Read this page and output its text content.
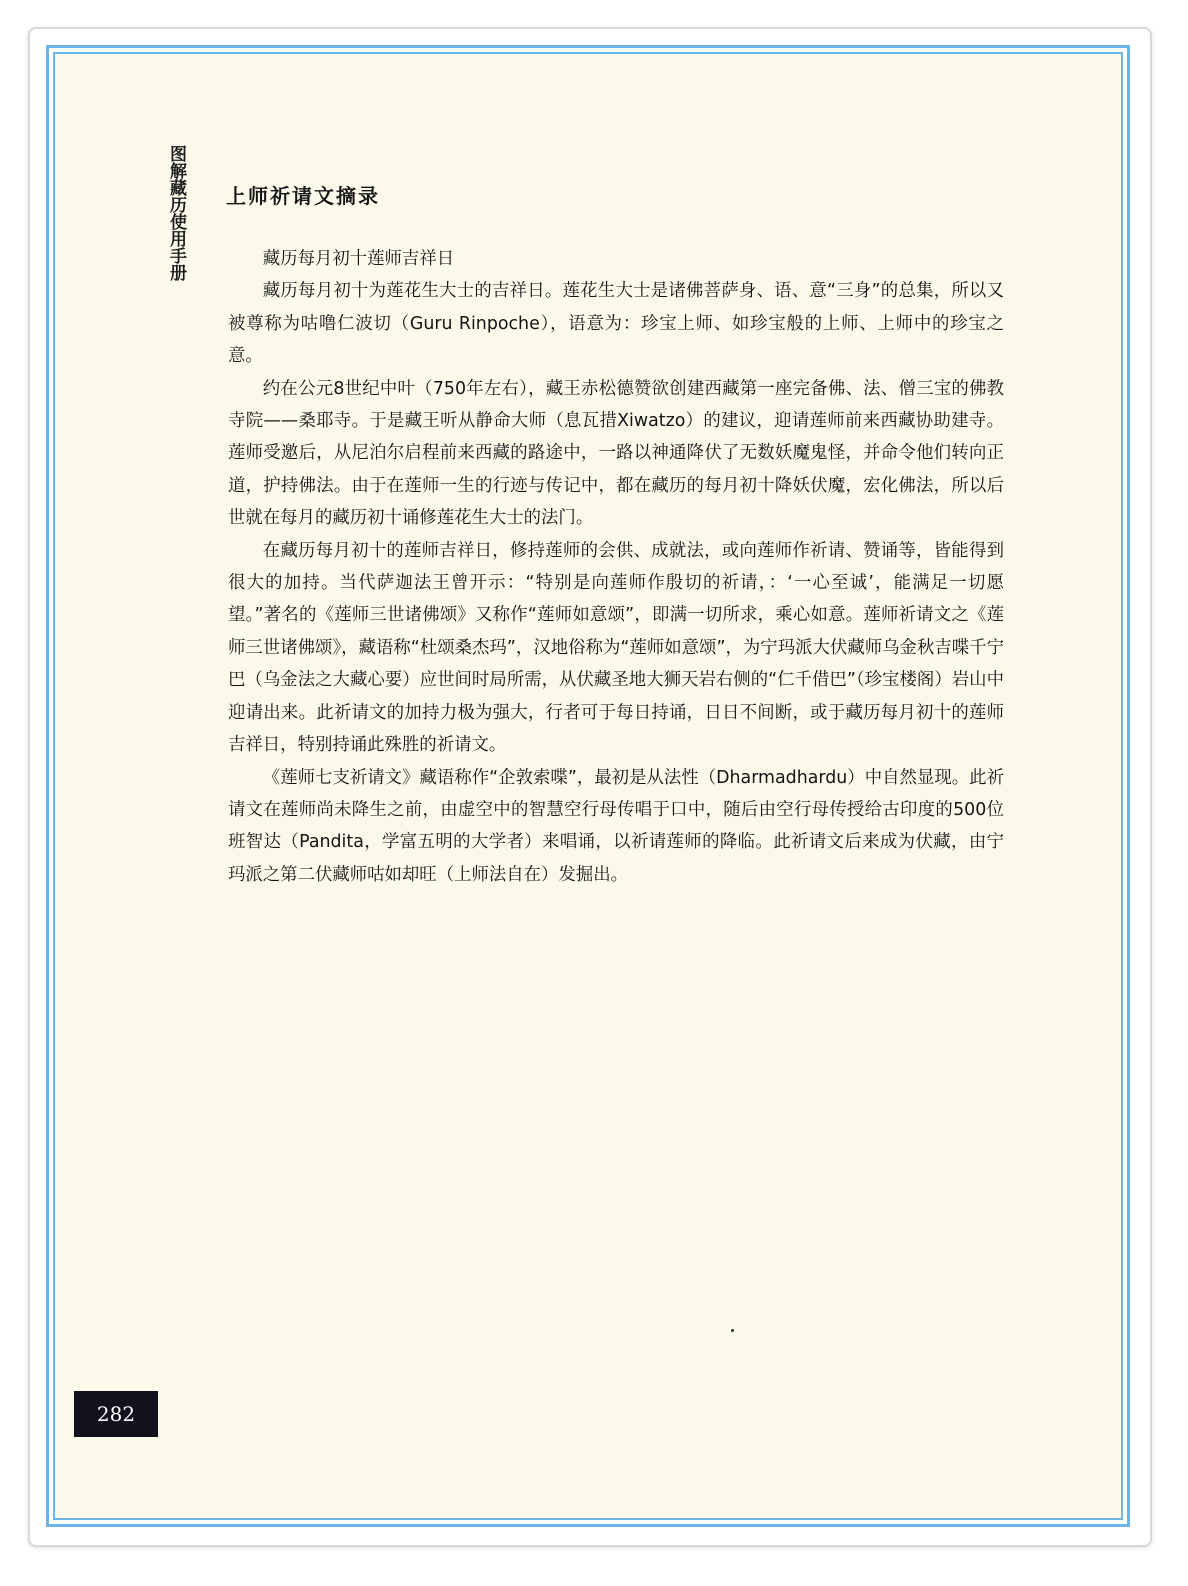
图解藏历使用手册 上师祈请文摘录

藏历每月初十莲师吉祥日

藏历每月初十为莲花生大士的吉祥日。莲花生大士是诸佛菩萨身、语、意“三身”的总集，所以又被尊称为咕噜仁波切（Guru Rinpoche），语意为：珍宝上师、如珍宝般的上师、上师中的珍宝之意。

约在公元8世纪中叶（750年左右），藏王赤松德赞欲创建西藏第一座完备佛、法、僧三宝的佛教寺院——桑耶寺。于是藏王听从静命大师（息瓦措Xiwatzo）的建议，迎请莲师前来西藏协助建寺。莲师受邀后，从尼泊尔启程前来西藏的路途中，一路以神通降伏了无数妖魔鬼怪，并命令他们转向正道，护持佛法。由于在莲师一生的行迹与传记中，都在藏历的每月初十降妖伏魔，宏化佛法，所以后世就在每月的藏历初十诵修莲花生大士的法门。

在藏历每月初十的莲师吉祥日，修持莲师的会供、成就法，或向莲师作祈请、赞诵等，皆能得到很大的加持。当代萨迦法王曾开示：“特别是向莲师作殷切的祈请，：‘一心至诚’，能满足一切愿望。”著名的《莲师三世诸佛颂》又称作“莲师如意颂”，即满一切所求，乘心如意。莲师祈请文之《莲师三世诸佛颂》，藏语称“杜颂桑杰玛”，汉地俗称为“莲师如意颂”，为宁玛派大伏藏师乌金秋吉喋千宁巴（乌金法之大藏心要）应世间时局所需，从伏藏圣地大狮天岩右侧的“仁千借巴”（珍宝楼阁）岩山中迎请出来。此祈请文的加持力极为强大，行者可于每日持诵，日日不间断，或于藏历每月初十的莲师吉祥日，特别持诵此殊胜的祈请文。

《莲师七支祈请文》藏语称作“企敦索喋”，最初是从法性（Dharmadhardu）中自然显现。此祈请文在莲师尚未降生之前，由虚空中的智慧空行母传唱于口中，随后由空行母传授给古印度的500位班智达（Pandita，学富五明的大学者）来唱诵，以祈请莲师的降临。此祈请文后来成为伏藏，由宁玛派之第二伏藏师咕如却旺（上师法自在）发掘出。

282
